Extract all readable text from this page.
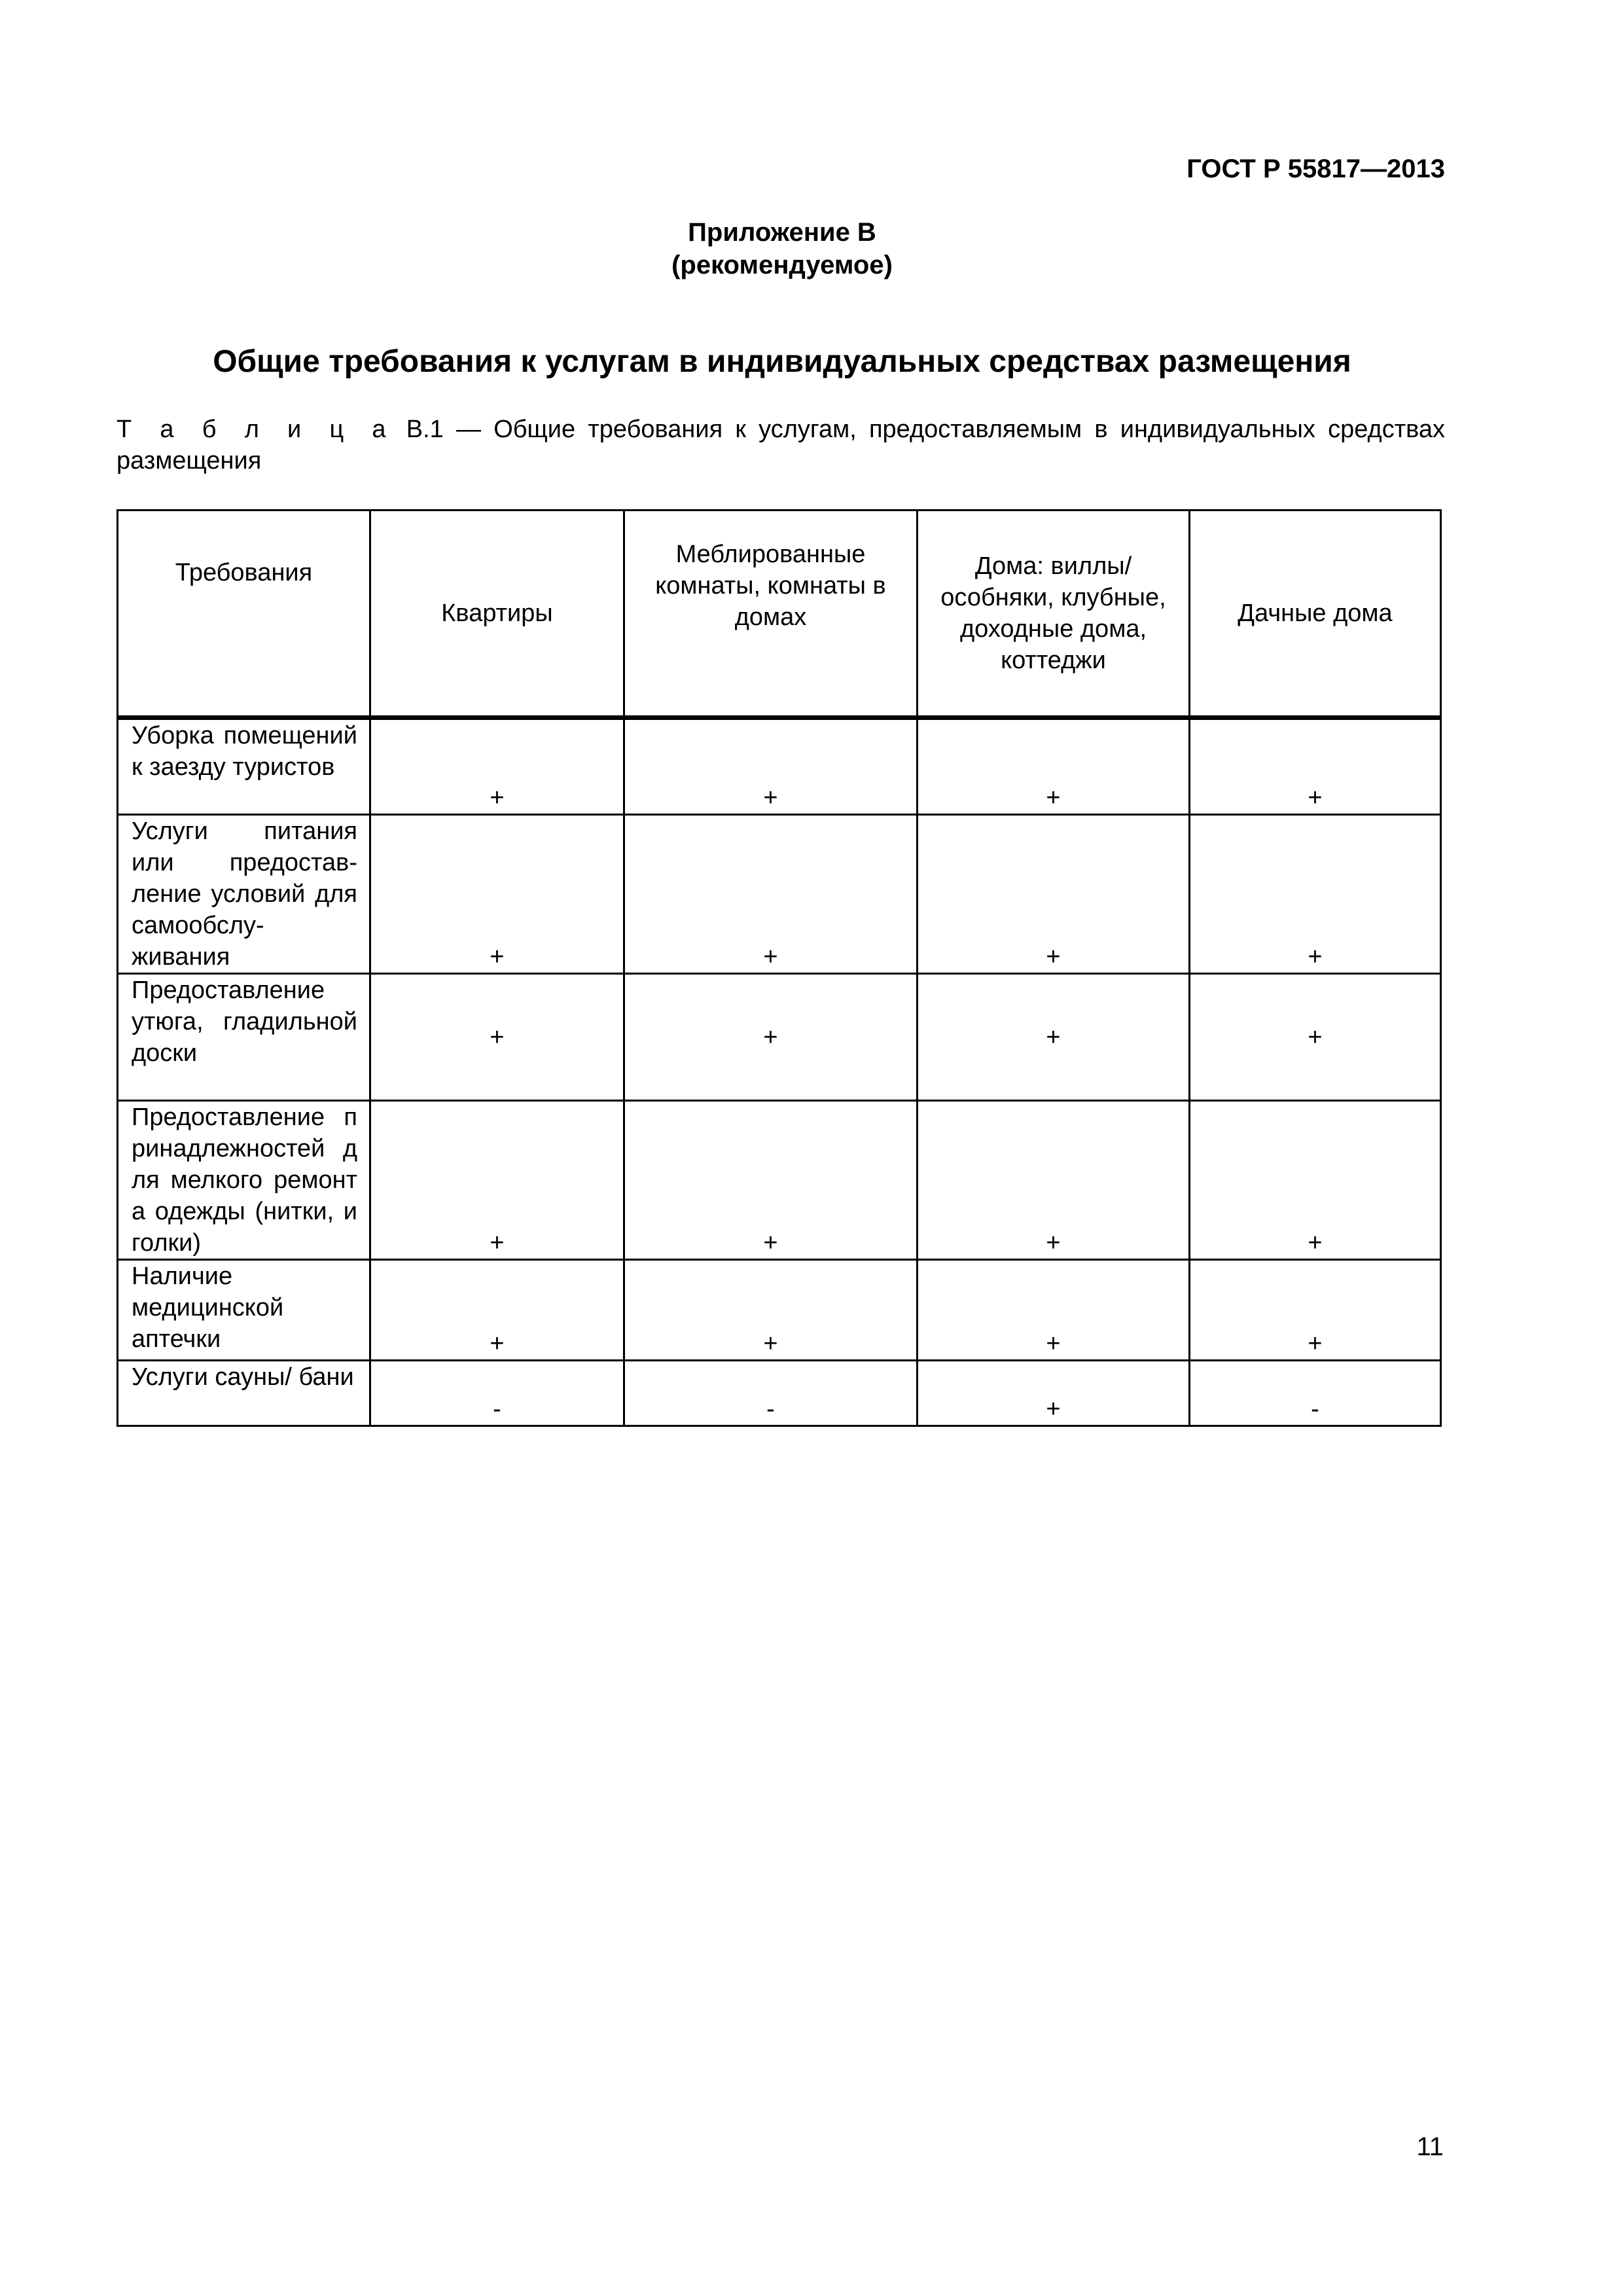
ГОСТ Р 55817—2013
Приложение В
(рекомендуемое)
Общие требования к услугам в индивидуальных средствах размещения
Т а б л и ц а В.1 — Общие требования к услугам, предоставляемым в индивидуальных средствах размещения
Требования	Квартиры	Меблированные комнаты, комнаты в домах	Дома: виллы/особняки, клубные, доходные дома, коттеджи	Дачные дома
Уборка помещений к заезду туристов	+	+	+	+
Услуги питания или предостав-ление условий для самообслу-живания	+	+	+	+
Предоставление утюга, гладильной доски	+	+	+	+
Предоставление принадлежностей для мелкого ремонта одежды (нитки, иголки)	+	+	+	+
Наличие медицинской аптечки	+	+	+	+
Услуги сауны/ бани	-	-	+	-
11
